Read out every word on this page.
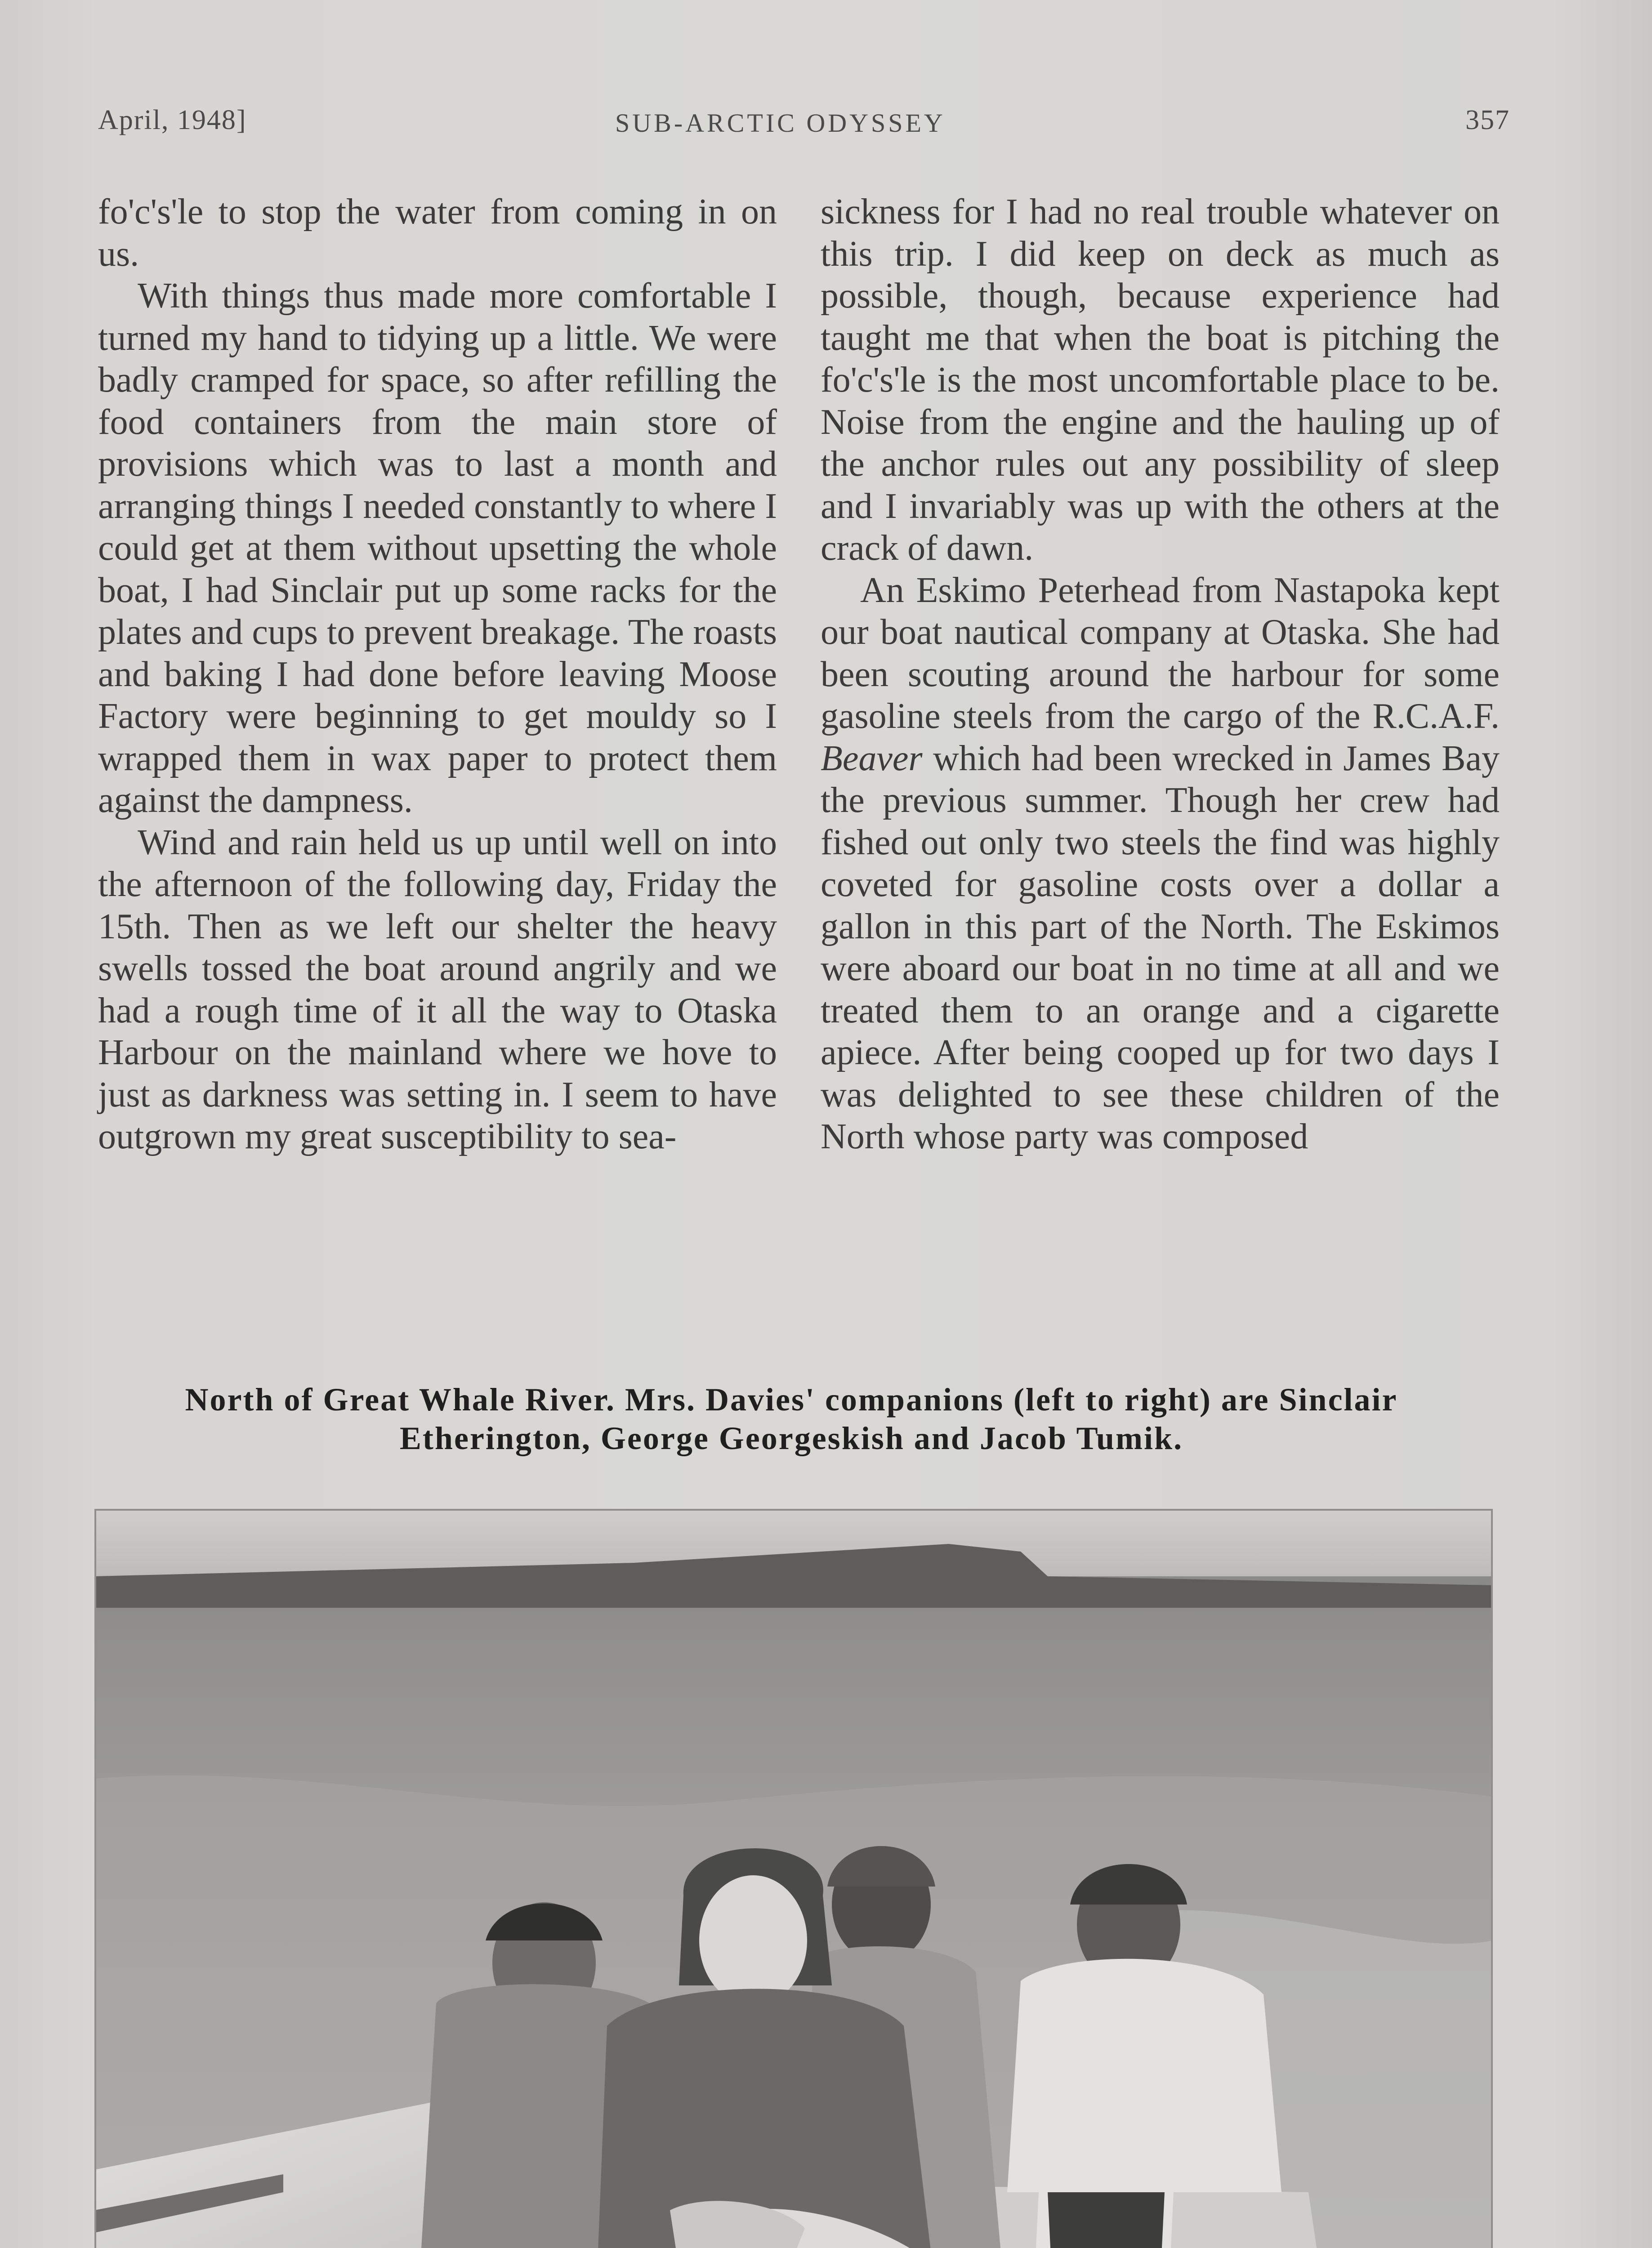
April, 1948]	SUB-ARCTIC ODYSSEY	357

fo'c's'le to stop the water from coming in on us.

With things thus made more comfortable I turned my hand to tidying up a little. We were badly cramped for space, so after refilling the food containers from the main store of provisions which was to last a month and arranging things I needed constantly to where I could get at them without upsetting the whole boat, I had Sinclair put up some racks for the plates and cups to prevent breakage. The roasts and baking I had done before leaving Moose Factory were beginning to get mouldy so I wrapped them in wax paper to protect them against the dampness.

Wind and rain held us up until well on into the afternoon of the following day, Friday the 15th. Then as we left our shelter the heavy swells tossed the boat around angrily and we had a rough time of it all the way to Otaska Harbour on the mainland where we hove to just as darkness was setting in. I seem to have outgrown my great susceptibility to sea-

sickness for I had no real trouble whatever on this trip. I did keep on deck as much as possible, though, because experience had taught me that when the boat is pitching the fo'c's'le is the most uncomfortable place to be. Noise from the engine and the hauling up of the anchor rules out any possibility of sleep and I invariably was up with the others at the crack of dawn.

An Eskimo Peterhead from Nastapoka kept our boat nautical company at Otaska. She had been scouting around the harbour for some gasoline steels from the cargo of the R.C.A.F. Beaver which had been wrecked in James Bay the previous summer. Though her crew had fished out only two steels the find was highly coveted for gasoline costs over a dollar a gallon in this part of the North. The Eskimos were aboard our boat in no time at all and we treated them to an orange and a cigarette apiece. After being cooped up for two days I was delighted to see these children of the North whose party was composed

North of Great Whale River. Mrs. Davies' companions (left to right) are Sinclair
Etherington, George Georgeskish and Jacob Tumik.
